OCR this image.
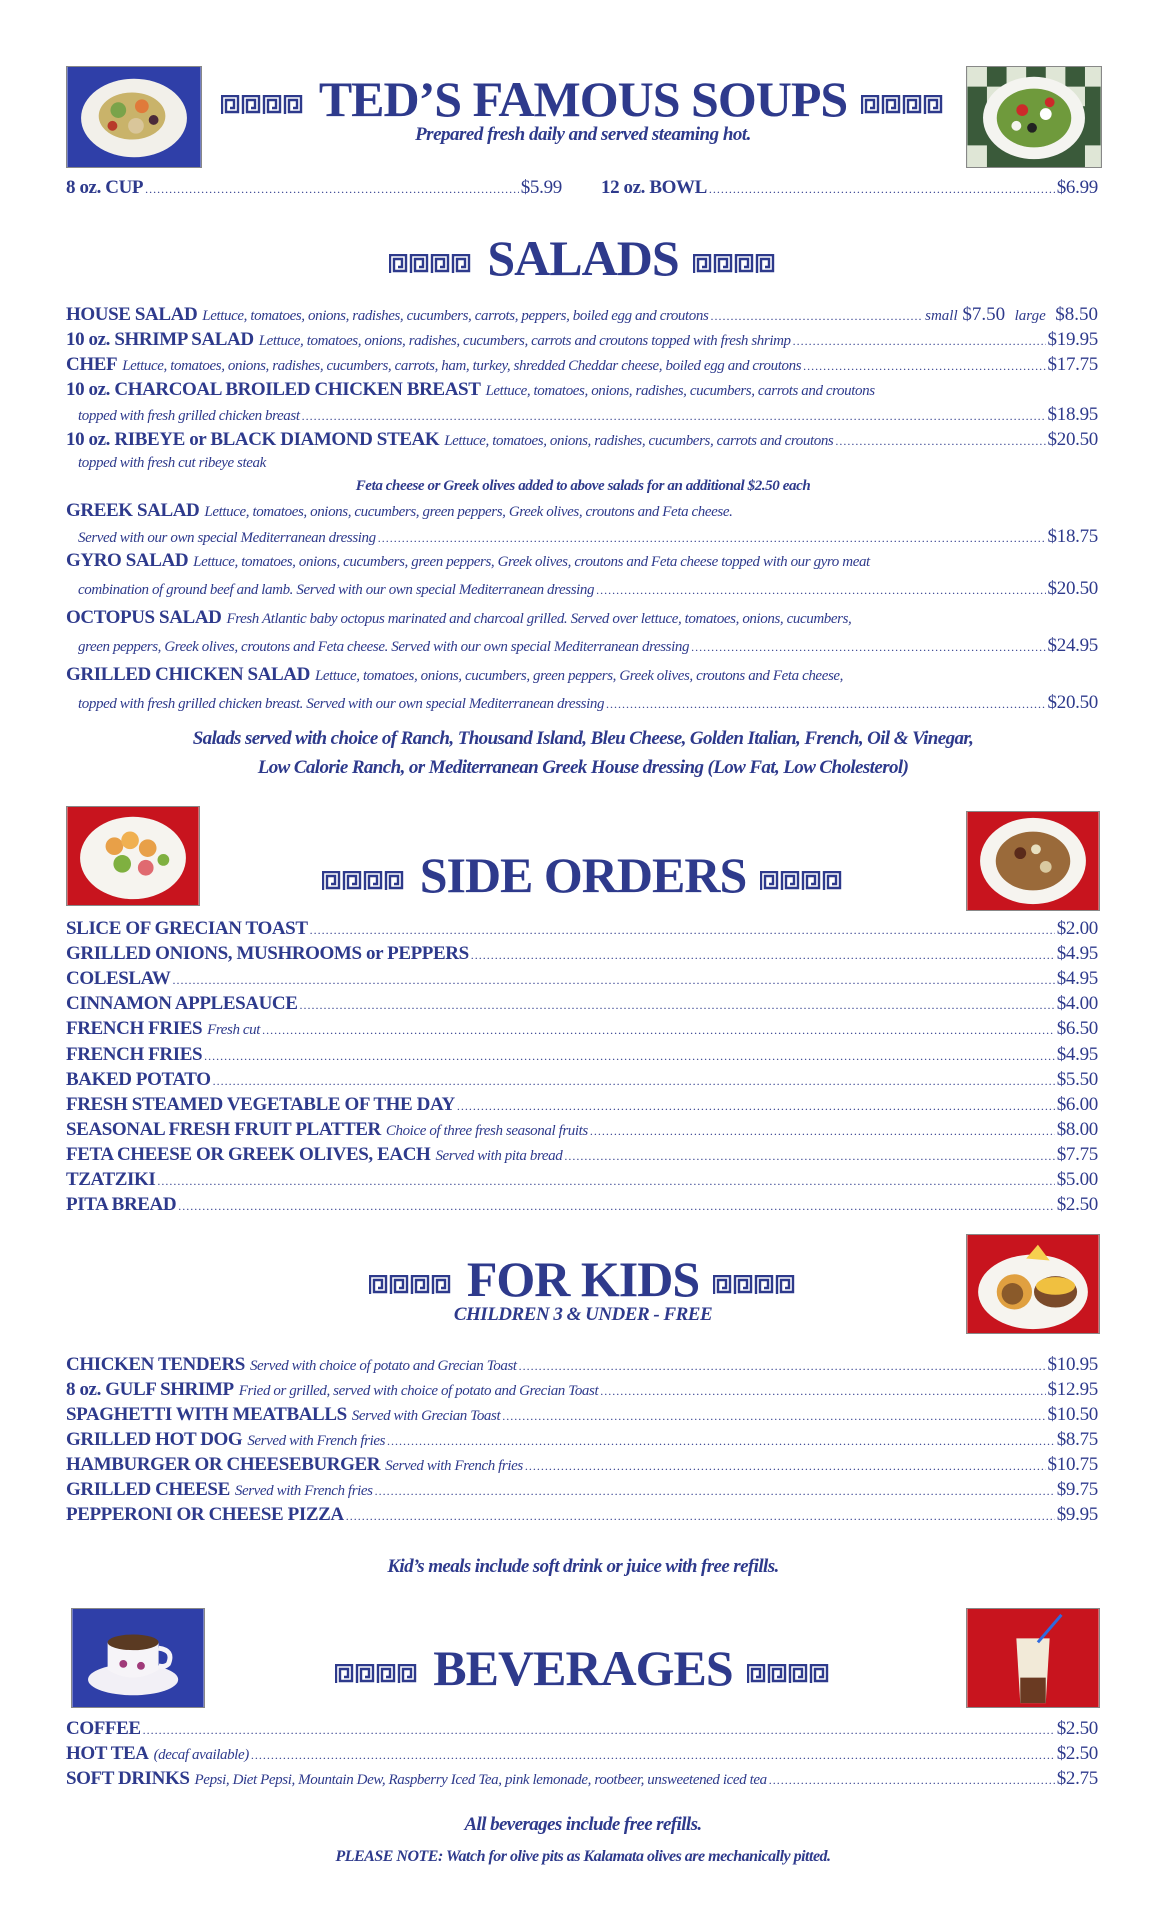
TED’S FAMOUS SOUPS
Prepared fresh daily and served steaming hot.
8 oz. CUP .....	$5.99 12 oz. BOWL .....	$6.99
SALADS
HOUSE SALAD Lettuce, tomatoes, onions, radishes, cucumbers, carrots, peppers, boiled egg and croutons .....	small $7.50 large $8.50
10 oz. SHRIMP SALAD Lettuce, tomatoes, onions, radishes, cucumbers, carrots and croutons topped with fresh shrimp .....	$19.95
CHEF Lettuce, tomatoes, onions, radishes, cucumbers, carrots, ham, turkey, shredded Cheddar cheese, boiled egg and croutons .....	$17.75
10 oz. CHARCOAL BROILED CHICKEN BREAST Lettuce, tomatoes, onions, radishes, cucumbers, carrots and croutons
topped with fresh grilled chicken breast .....	$18.95
10 oz. RIBEYE or BLACK DIAMOND STEAK Lettuce, tomatoes, onions, radishes, cucumbers, carrots and croutons .....	$20.50
topped with fresh cut ribeye steak
Feta cheese or Greek olives added to above salads for an additional $2.50 each
GREEK SALAD Lettuce, tomatoes, onions, cucumbers, green peppers, Greek olives, croutons and Feta cheese.
Served with our own special Mediterranean dressing .....	$18.75
GYRO SALAD Lettuce, tomatoes, onions, cucumbers, green peppers, Greek olives, croutons and Feta cheese topped with our gyro meat
combination of ground beef and lamb. Served with our own special Mediterranean dressing .....	$20.50
OCTOPUS SALAD Fresh Atlantic baby octopus marinated and charcoal grilled. Served over lettuce, tomatoes, onions, cucumbers,
green peppers, Greek olives, croutons and Feta cheese. Served with our own special Mediterranean dressing .....	$24.95
GRILLED CHICKEN SALAD Lettuce, tomatoes, onions, cucumbers, green peppers, Greek olives, croutons and Feta cheese,
topped with fresh grilled chicken breast. Served with our own special Mediterranean dressing .....	$20.50
Salads served with choice of Ranch, Thousand Island, Bleu Cheese, Golden Italian, French, Oil & Vinegar,
Low Calorie Ranch, or Mediterranean Greek House dressing (Low Fat, Low Cholesterol)
SIDE ORDERS
SLICE OF GRECIAN TOAST .....	$2.00
GRILLED ONIONS, MUSHROOMS or PEPPERS .....	$4.95
COLESLAW .....	$4.95
CINNAMON APPLESAUCE .....	$4.00
FRENCH FRIES Fresh cut .....	$6.50
FRENCH FRIES .....	$4.95
BAKED POTATO .....	$5.50
FRESH STEAMED VEGETABLE OF THE DAY .....	$6.00
SEASONAL FRESH FRUIT PLATTER Choice of three fresh seasonal fruits .....	$8.00
FETA CHEESE OR GREEK OLIVES, EACH Served with pita bread .....	$7.75
TZATZIKI .....	$5.00
PITA BREAD .....	$2.50
FOR KIDS
CHILDREN 3 & UNDER - FREE
CHICKEN TENDERS Served with choice of potato and Grecian Toast .....	$10.95
8 oz. GULF SHRIMP Fried or grilled, served with choice of potato and Grecian Toast .....	$12.95
SPAGHETTI WITH MEATBALLS Served with Grecian Toast .....	$10.50
GRILLED HOT DOG Served with French fries .....	$8.75
HAMBURGER OR CHEESEBURGER Served with French fries .....	$10.75
GRILLED CHEESE Served with French fries .....	$9.75
PEPPERONI OR CHEESE PIZZA .....	$9.95
Kid’s meals include soft drink or juice with free refills.
BEVERAGES
COFFEE .....	$2.50
HOT TEA (decaf available) .....	$2.50
SOFT DRINKS Pepsi, Diet Pepsi, Mountain Dew, Raspberry Iced Tea, pink lemonade, rootbeer, unsweetened iced tea .....	$2.75
All beverages include free refills.
PLEASE NOTE: Watch for olive pits as Kalamata olives are mechanically pitted.
